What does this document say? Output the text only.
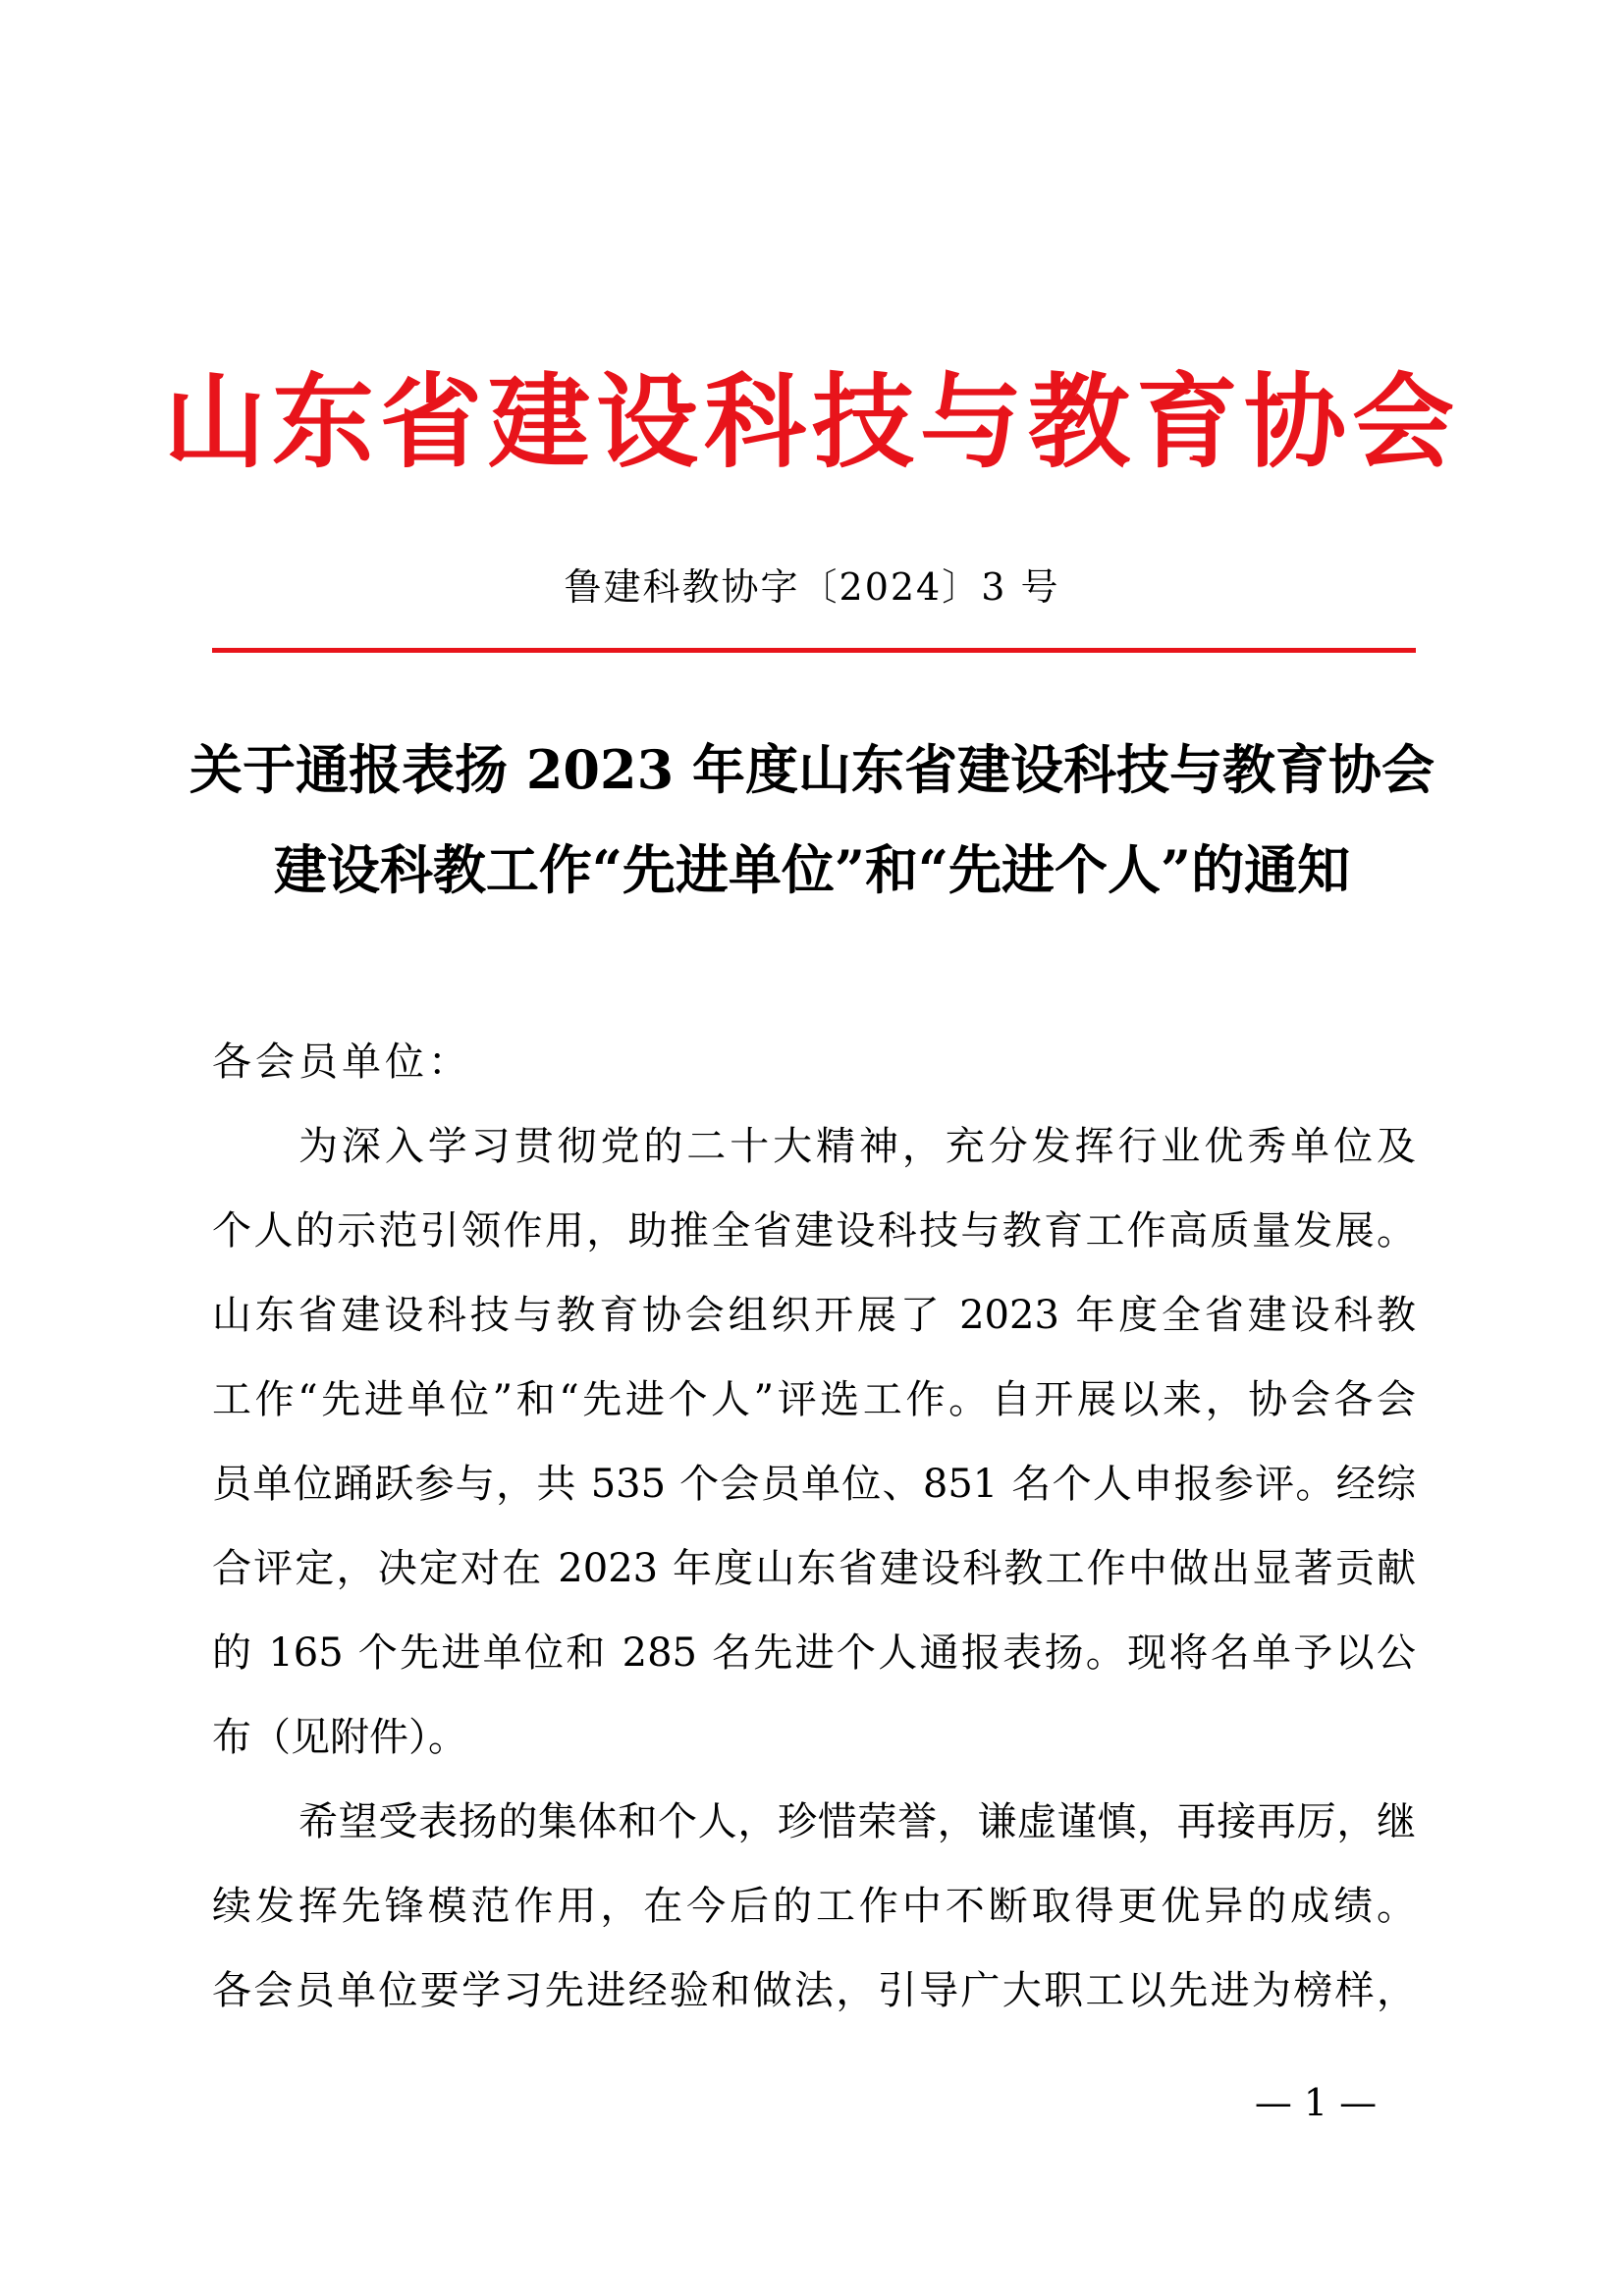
山东省建设科技与教育协会
鲁建科教协字〔2024〕3 号
关于通报表扬 2023 年度山东省建设科技与教育协会
建设科教工作“先进单位”和“先进个人”的通知
各会员单位：
为深入学习贯彻党的二十大精神，充分发挥行业优秀单位及
个人的示范引领作用，助推全省建设科技与教育工作高质量发展。
山东省建设科技与教育协会组织开展了 2023 年度全省建设科教
工作“先进单位”和“先进个人”评选工作。自开展以来，协会各会
员单位踊跃参与，共 535 个会员单位、851 名个人申报参评。经综
合评定，决定对在 2023 年度山东省建设科教工作中做出显著贡献
的 165 个先进单位和 285 名先进个人通报表扬。现将名单予以公
布（见附件）。
希望受表扬的集体和个人，珍惜荣誉，谦虚谨慎，再接再厉，继
续发挥先锋模范作用，在今后的工作中不断取得更优异的成绩。
各会员单位要学习先进经验和做法，引导广大职工以先进为榜样，
— 1 —
